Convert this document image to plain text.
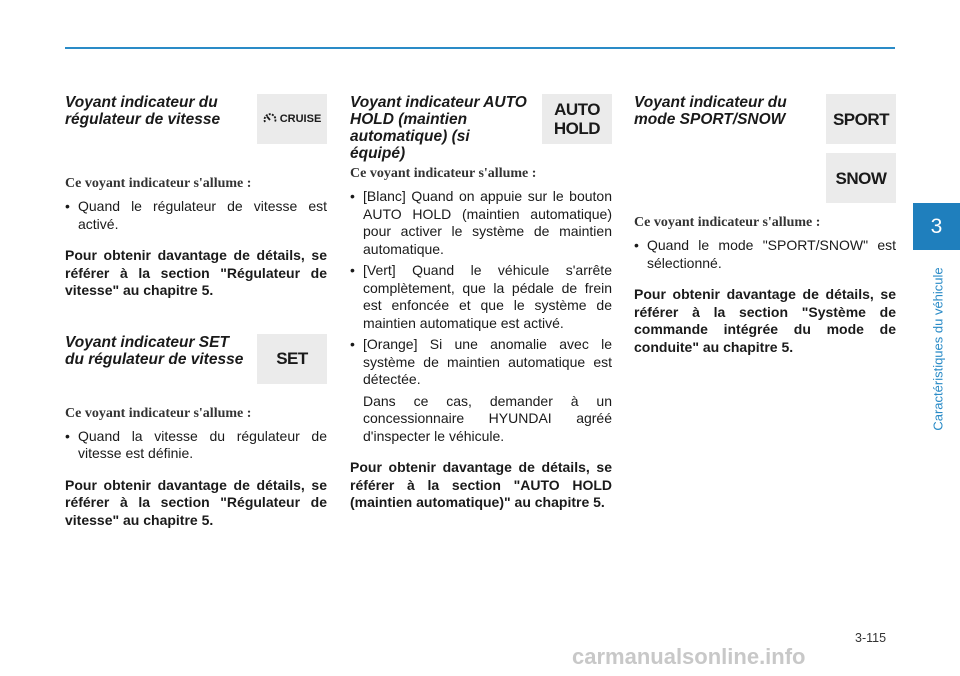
Voyant indicateur du régulateur de vitesse	CRUISE

Ce voyant indicateur s'allume :

• Quand le régulateur de vitesse est activé.

Pour obtenir davantage de détails, se référer à la section "Régulateur de vitesse" au chapitre 5.

Voyant indicateur SET du régulateur de vitesse SET

Ce voyant indicateur s'allume :

• Quand la vitesse du régulateur de vitesse est définie.

Pour obtenir davantage de détails, se référer à la section "Régulateur de vitesse" au chapitre 5.

Voyant indicateur AUTO HOLD (maintien automatique) (si équipé)
AUTO
HOLD

Ce voyant indicateur s'allume :

• [Blanc] Quand on appuie sur le bouton AUTO HOLD (maintien automatique) pour activer le système de maintien automatique.
• [Vert] Quand le véhicule s'arrête complètement, que la pédale de frein est enfoncée et que le système de maintien automatique est activé.
• [Orange] Si une anomalie avec le système de maintien automatique est détectée.

Dans ce cas, demander à un concessionnaire HYUNDAI agréé d'inspecter le véhicule.

Pour obtenir davantage de détails, se référer à la section "AUTO HOLD (maintien automatique)" au chapitre 5.

Voyant indicateur du mode SPORT/SNOW	SPORT
SNOW

Ce voyant indicateur s'allume :

• Quand le mode "SPORT/SNOW" est sélectionné.

Pour obtenir davantage de détails, se référer à la section "Système de commande intégrée du mode de conduite" au chapitre 5.

3
Caractéristiques du véhicule
3-115
carmanualsonline.info
